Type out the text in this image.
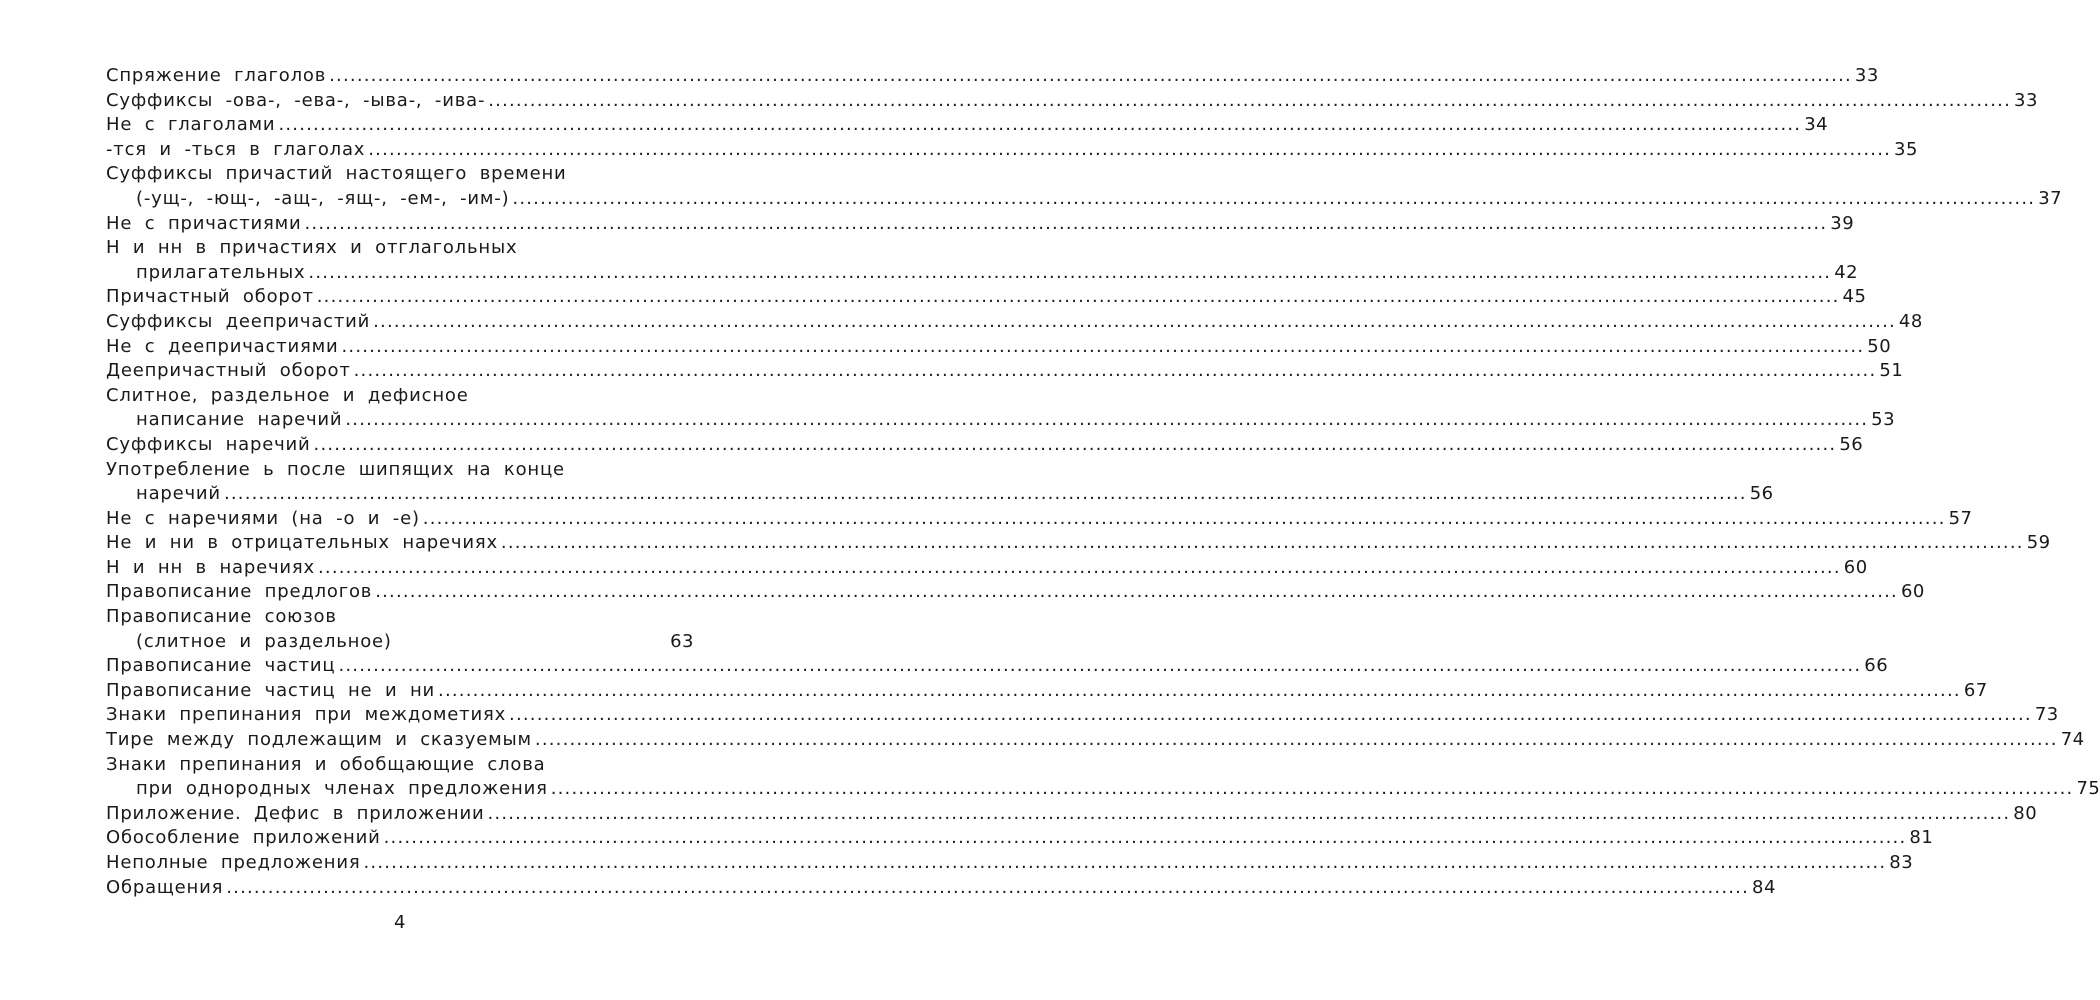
Спряжение глаголов ............................................................................................................................................................................................................................ 33
Суффиксы -ова-, -ева-, -ыва-, -ива- ............................................................................................................................................................................................................................ 33
Не с глаголами ............................................................................................................................................................................................................................ 34
-тся и -ться в глаголах ............................................................................................................................................................................................................................ 35
Суффиксы причастий настоящего времени
(-ущ-, -ющ-, -ащ-, -ящ-, -ем-, -им-) ............................................................................................................................................................................................................................ 37
Не с причастиями ............................................................................................................................................................................................................................ 39
Н и нн в причастиях и отглагольных
прилагательных ............................................................................................................................................................................................................................ 42
Причастный оборот ............................................................................................................................................................................................................................ 45
Суффиксы деепричастий ............................................................................................................................................................................................................................ 48
Не с деепричастиями ............................................................................................................................................................................................................................ 50
Деепричастный оборот ............................................................................................................................................................................................................................ 51
Слитное, раздельное и дефисное
написание наречий ............................................................................................................................................................................................................................ 53
Суффиксы наречий ............................................................................................................................................................................................................................ 56
Употребление ь после шипящих на конце
наречий ............................................................................................................................................................................................................................ 56
Не с наречиями (на -о и -е) ............................................................................................................................................................................................................................ 57
Не и ни в отрицательных наречиях ............................................................................................................................................................................................................................ 59
Н и нн в наречиях ............................................................................................................................................................................................................................ 60
Правописание предлогов ............................................................................................................................................................................................................................ 60
Правописание союзов
(слитное и раздельное)	63
Правописание частиц ............................................................................................................................................................................................................................ 66
Правописание частиц не и ни ............................................................................................................................................................................................................................ 67
Знаки препинания при междометиях ............................................................................................................................................................................................................................ 73
Тире между подлежащим и сказуемым ............................................................................................................................................................................................................................ 74
Знаки препинания и обобщающие слова
при однородных членах предложения ............................................................................................................................................................................................................................ 75
Приложение. Дефис в приложении ............................................................................................................................................................................................................................ 80
Обособление приложений ............................................................................................................................................................................................................................ 81
Неполные предложения ............................................................................................................................................................................................................................ 83
Обращения ............................................................................................................................................................................................................................ 84
4
